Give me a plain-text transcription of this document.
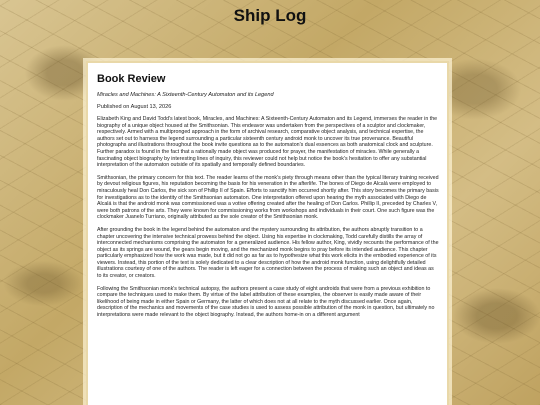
Ship Log
Book Review

Miracles and Machines: A Sixteenth-Century Automaton and its Legend

Published on August 13, 2026

Elizabeth King and David Todd's latest book, Miracles, and Machines: A Sixteenth-Century Automaton and its Legend, immerses the reader in the biography of a unique object housed at the Smithsonian. This endeavor was undertaken from the perspectives of a sculptor and clockmaker, respectively. Armed with a multipronged approach in the form of archival research, comparative object analysis, and technical expertise, the authors set out to harness the legend surrounding a particular sixteenth century android monk to uncover its true provenance. Beautiful photographs and illustrations throughout the book invite questions as to the automaton's dual essences as both anatomical clock and sculpture. Further paradox is found in the fact that a rationally made object was produced for prayer, the manifestation of miracles. While generally a fascinating object biography by interesting lines of inquiry, this reviewer could not help but notice the book's hesitation to offer any substantial interpretation of the automaton outside of its spatially and temporally defined boundaries.

Smithsonian, the primary concern for this text. The reader learns of the monk's piety through means other than the typical literary training received by devout religious figures, his reputation becoming the basis for his veneration in the afterlife. The bones of Diego de Alcalá were employed to miraculously heal Don Carlos, the sick son of Phillip II of Spain. Efforts to sanctify him occurred shortly after. This story becomes the primary basis for investigations as to the identity of the Smithsonian automaton. One interpretation offered upon hearing the myth associated with Diego de Alcalá is that the android monk was commissioned was a votive offering created after the healing of Don Carlos. Phillip II, preceded by Charles V, were both patrons of the arts. They were known for commissioning works from workshops and individuals in their court. One such figure was the clockmaker Juanelo Turriano, originally attributed as the sole creator of the Smithsonian monk.

After grounding the book in the legend behind the automaton and the mystery surrounding its attribution, the authors abruptly transition to a chapter uncovering the intensive technical prowess behind the object. Using his expertise in clockmaking, Todd carefully distills the array of interconnected mechanisms comprising the automaton for a generalized audience. His fellow author, King, vividly recounts the performance of the object as its springs are wound, the gears begin moving, and the mechanized monk begins to pray before its intended audience. This chapter particularly emphasized how the work was made, but it did not go as far as to hypothesize what this work elicits in the embodied experience of its viewers. Instead, this portion of the text is solely dedicated to a clear description of how the android monk function, using delightfully detailed illustrations courtesy of one of the authors. The reader is left eager for a connection between the process of making such an object and ideas as to its creator, or creators.

Following the Smithsonian monk's technical autopsy, the authors present a case study of eight androids that were from a previous exhibition to compare the techniques used to make them. By virtue of the label attribution of these examples, the observer is easily made aware of their likelihood of being made in either Spain or Germany, the latter of which does not at all relate to the myth discussed earlier. Once again, description of the mechanics and movements of the case studies is used to assess possible attribution of the monk in question, but ultimately no interpretations were made relevant to the object biography. Instead, the authors home-in on a different argument
